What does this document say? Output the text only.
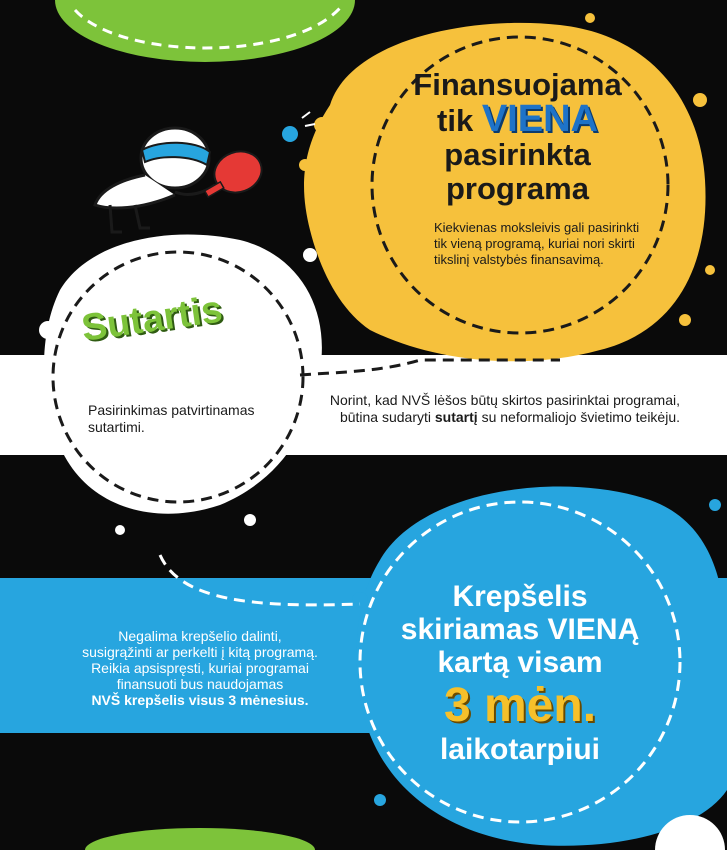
Finansuojama
tik VIENA
pasirinkta
programa

Kiekvienas moksleivis gali pasirinkti tik vieną programą, kuriai nori skirti tikslinį valstybės finansavimą.

Sutartis

Pasirinkimas patvirtinamas sutartimi.

Norint, kad NVŠ lėšos būtų skirtos pasirinktai programai, būtina sudaryti sutartį su neformaliojo švietimo teikėju.

Negalima krepšelio dalinti,
susigrąžinti ar perkelti į kitą programą.
Reikia apsispręsti, kuriai programai
finansuoti bus naudojamas
NVŠ krepšelis visus 3 mėnesius.
Krepšelis
skiriamas VIENĄ
kartą visam
3 mėn.
laikotarpiui
